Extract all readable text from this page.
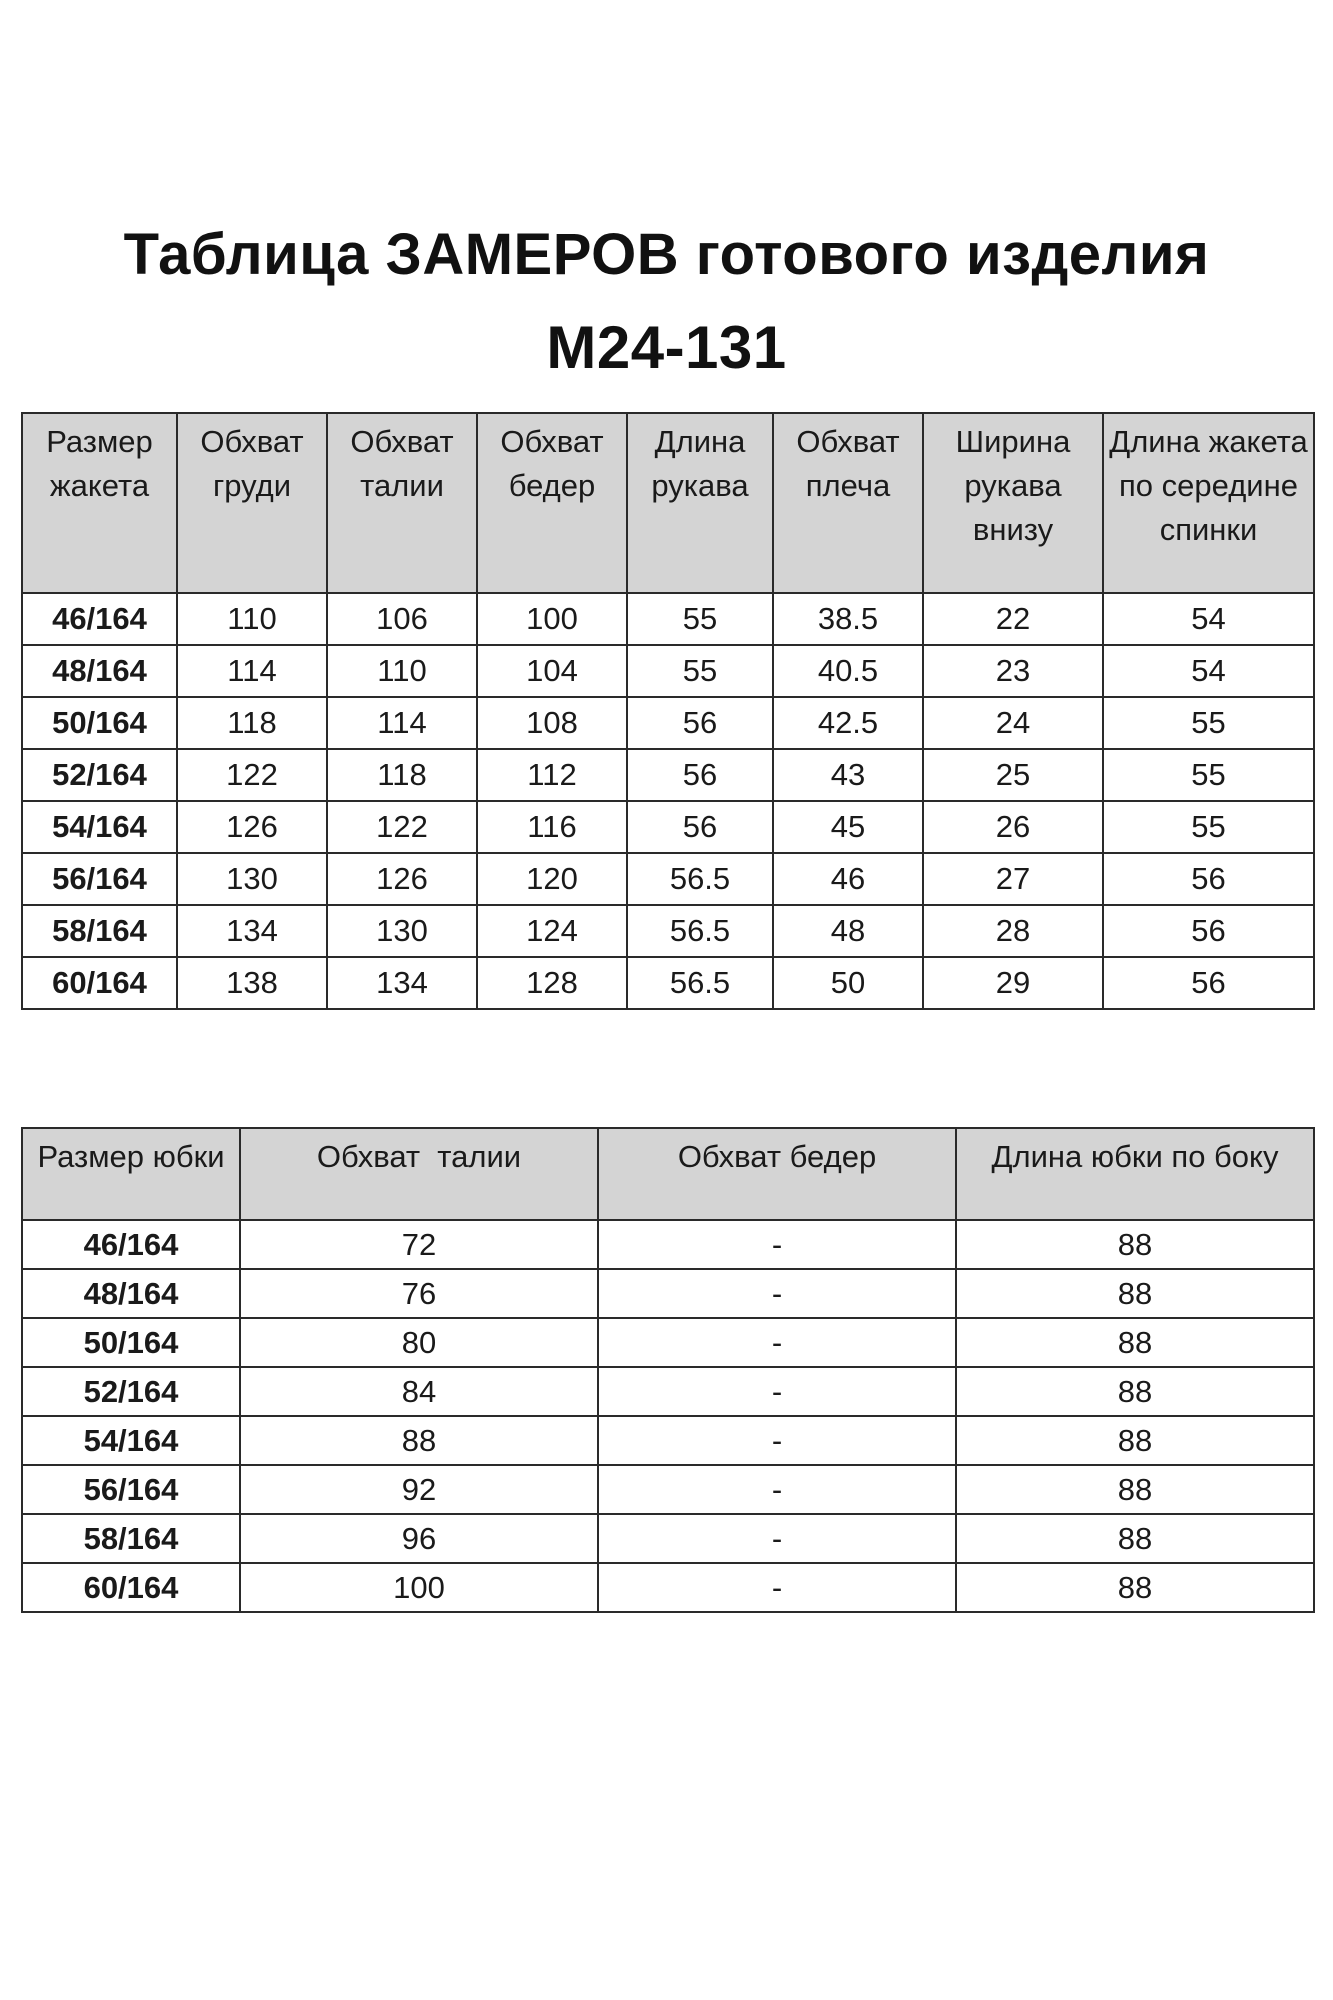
Таблица ЗАМЕРОВ готового изделия
М24-131
Размер жакета	Обхват груди	Обхват талии	Обхват бедер	Длина рукава	Обхват плеча	Ширина рукава внизу	Длина жакета по середине спинки
46/164	110	106	100	55	38.5	22	54
48/164	114	110	104	55	40.5	23	54
50/164	118	114	108	56	42.5	24	55
52/164	122	118	112	56	43	25	55
54/164	126	122	116	56	45	26	55
56/164	130	126	120	56.5	46	27	56
58/164	134	130	124	56.5	48	28	56
60/164	138	134	128	56.5	50	29	56
Размер юбки	Обхват  талии	Обхват бедер	Длина юбки по боку
46/164	72	-	88
48/164	76	-	88
50/164	80	-	88
52/164	84	-	88
54/164	88	-	88
56/164	92	-	88
58/164	96	-	88
60/164	100	-	88
